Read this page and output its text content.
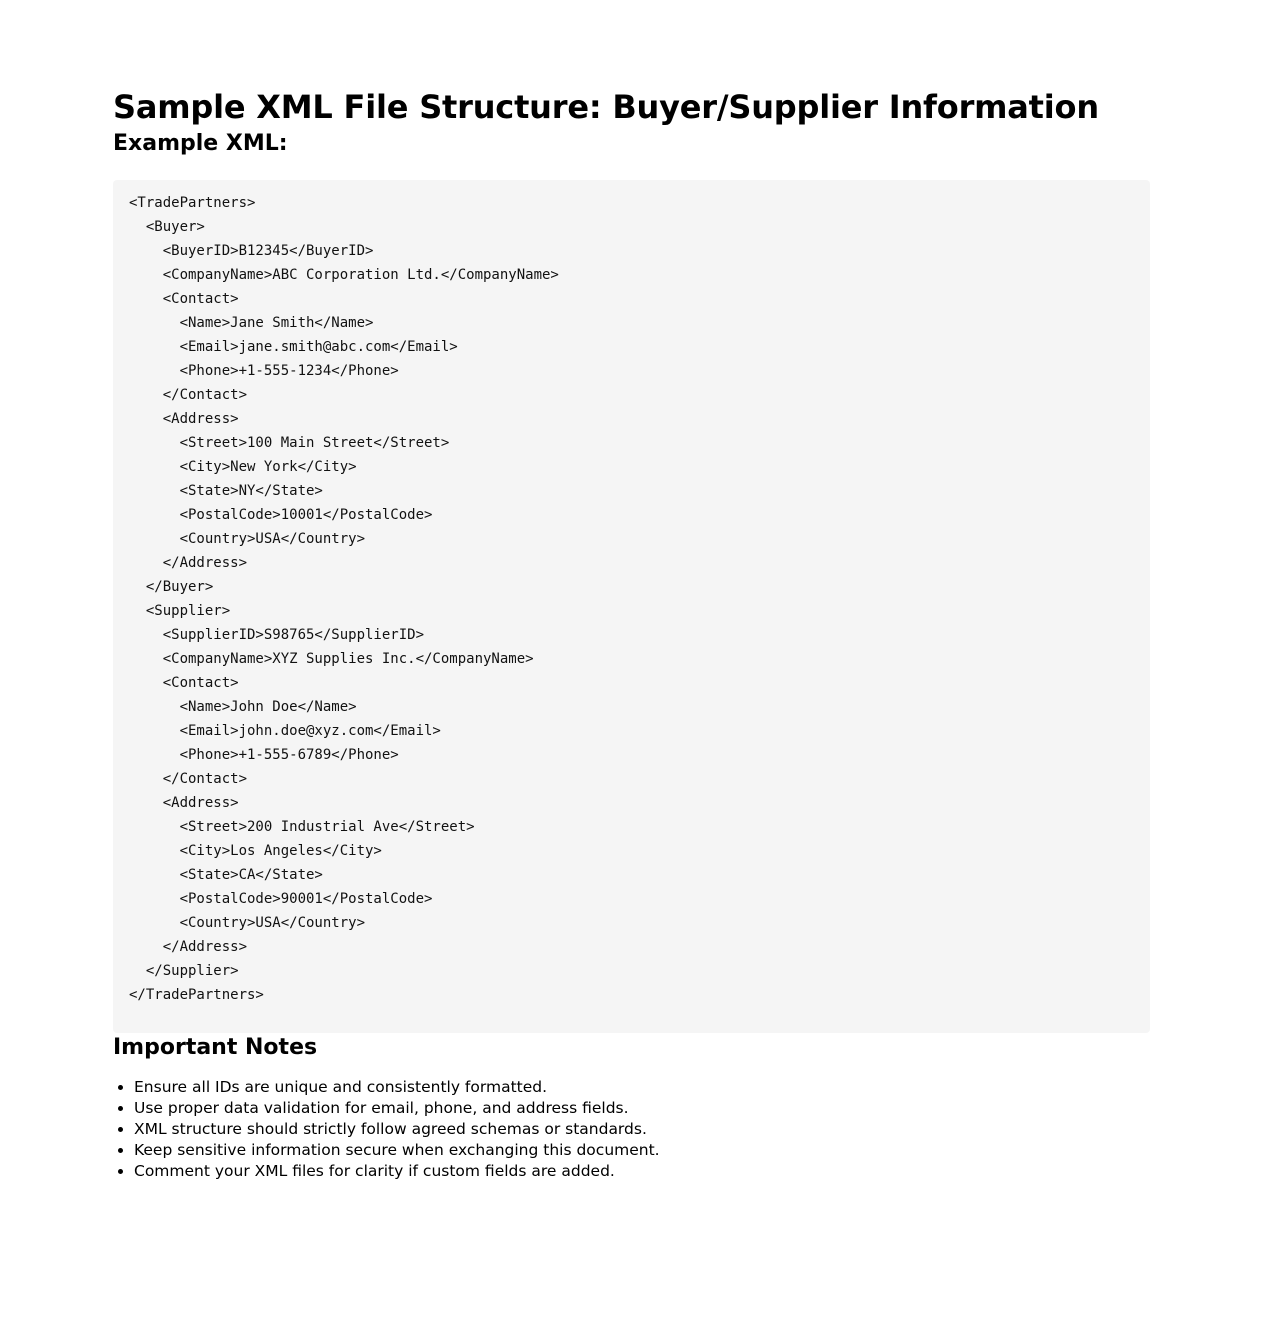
Sample XML File Structure: Buyer/Supplier Information
Example XML:
<TradePartners>
<Buyer>
<BuyerID>B12345</BuyerID>
<CompanyName>ABC Corporation Ltd.</CompanyName>
<Contact>
<Name>Jane Smith</Name>
<Email>jane.smith@abc.com</Email>
<Phone>+1-555-1234</Phone>
</Contact>
<Address>
<Street>100 Main Street</Street>
<City>New York</City>
<State>NY</State>
<PostalCode>10001</PostalCode>
<Country>USA</Country>
</Address>
</Buyer>
<Supplier>
<SupplierID>S98765</SupplierID>
<CompanyName>XYZ Supplies Inc.</CompanyName>
<Contact>
<Name>John Doe</Name>
<Email>john.doe@xyz.com</Email>
<Phone>+1-555-6789</Phone>
</Contact>
<Address>
<Street>200 Industrial Ave</Street>
<City>Los Angeles</City>
<State>CA</State>
<PostalCode>90001</PostalCode>
<Country>USA</Country>
</Address>
</Supplier>
</TradePartners>
Important Notes
• Ensure all IDs are unique and consistently formatted.
• Use proper data validation for email, phone, and address fields.
• XML structure should strictly follow agreed schemas or standards.
• Keep sensitive information secure when exchanging this document.
• Comment your XML files for clarity if custom fields are added.
